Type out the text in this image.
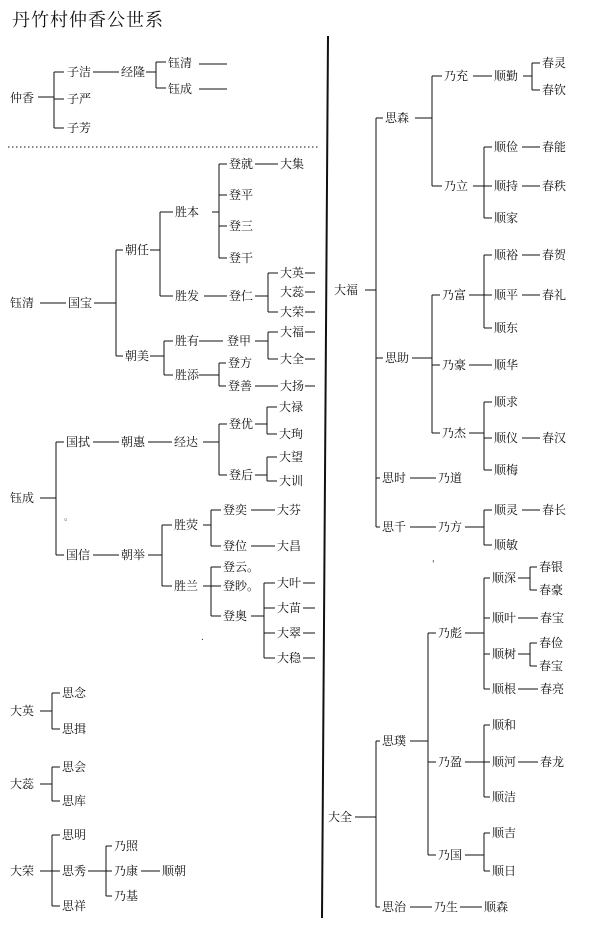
丹竹村仲香公世系
仲香
子洁 经隆
钰清
钰成
子严
子芳
钰清	国宝
朝任
朝美
胜本
胜发
胜有
胜添
登就 大集
登平
登三
登干
登仁
大英
大蕊
大荣
登甲
大福
大全
登方
登善 大扬
钰成
国拭	朝惠 经达
登优
大禄
大珣
登后
大望
大训
国信	朝举
胜荧
胜兰
登奕 大芬
登位 大昌
登云。
登眇。
登奥
大叶
大苗
大翠
大稳
大英
思念
思揖
大蕊
思会
思库
大荣
思明
思秀
思祥
乃照
乃康
乃基
顺朝
大福
思森
乃充 顺勤
春灵
春钦
乃立
顺俭 春能
顺持 春秩
顺家
思助
乃富
顺裕 春贺
顺平 春礼
顺东
乃豪 顺华
乃杰
顺求
顺仪 春汉
顺梅
思时	乃道
思千	乃方
顺灵 春长
顺敏
大全
思璞
乃彪
顺深
春银
春豪
顺叶 春宝
顺树
春俭
春宝
顺根 春亮
乃盈
顺和
顺河 春龙
顺洁
乃国
顺吉
顺日
思治 乃生 顺森
。
'
.
